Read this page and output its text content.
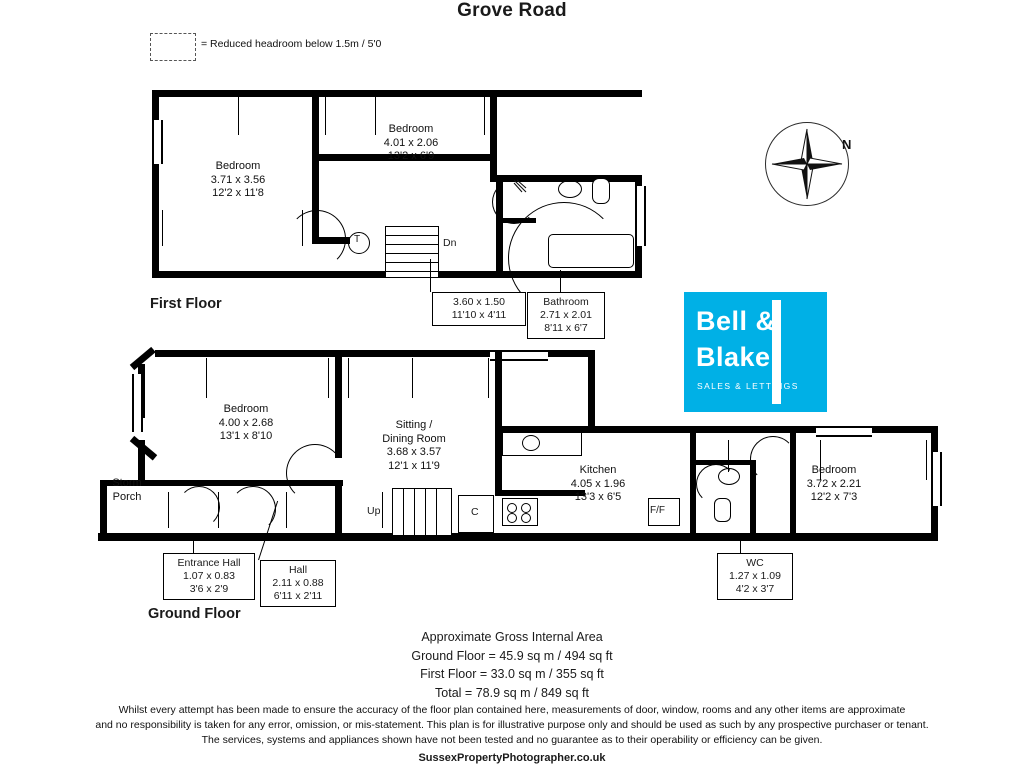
Grove Road
= Reduced headroom below 1.5m / 5'0
N
Bell &
Blake
SALES & LETTINGS
Dn
T
Bedroom
3.71 x 3.56
12'2 x 11'8
Bedroom
4.01 x 2.06
13'2 x 6'9
First Floor	3.60 x 1.50
11'10 x 4'11
Bathroom
2.71 x 2.01
8'11 x 6'7
F/F
Up	C
Bedroom
4.00 x 2.68
13'1 x 8'10
Sitting /
Dining Room
3.68 x 3.57
12'1 x 11'9	Kitchen
4.05 x 1.96
13'3 x 6'5
Bedroom
3.72 x 2.21
12'2 x 7'3
Storm
Porch
Ground Floor
Entrance Hall
1.07 x 0.83
3'6 x 2'9
Hall
2.11 x 0.88
6'11 x 2'11
WC
1.27 x 1.09
4'2 x 3'7
Approximate Gross Internal Area
Ground Floor = 45.9 sq m / 494 sq ft
First Floor = 33.0 sq m / 355 sq ft
Total = 78.9 sq m / 849 sq ft
Whilst every attempt has been made to ensure the accuracy of the floor plan contained here, measurements of door, window, rooms and any other items are approximate
and no responsibility is taken for any error, omission, or mis-statement. This plan is for illustrative purpose only and should be used as such by any prospective purchaser or tenant.
The services, systems and appliances shown have not been tested and no guarantee as to their operability or efficiency can be given.
SussexPropertyPhotographer.co.uk
